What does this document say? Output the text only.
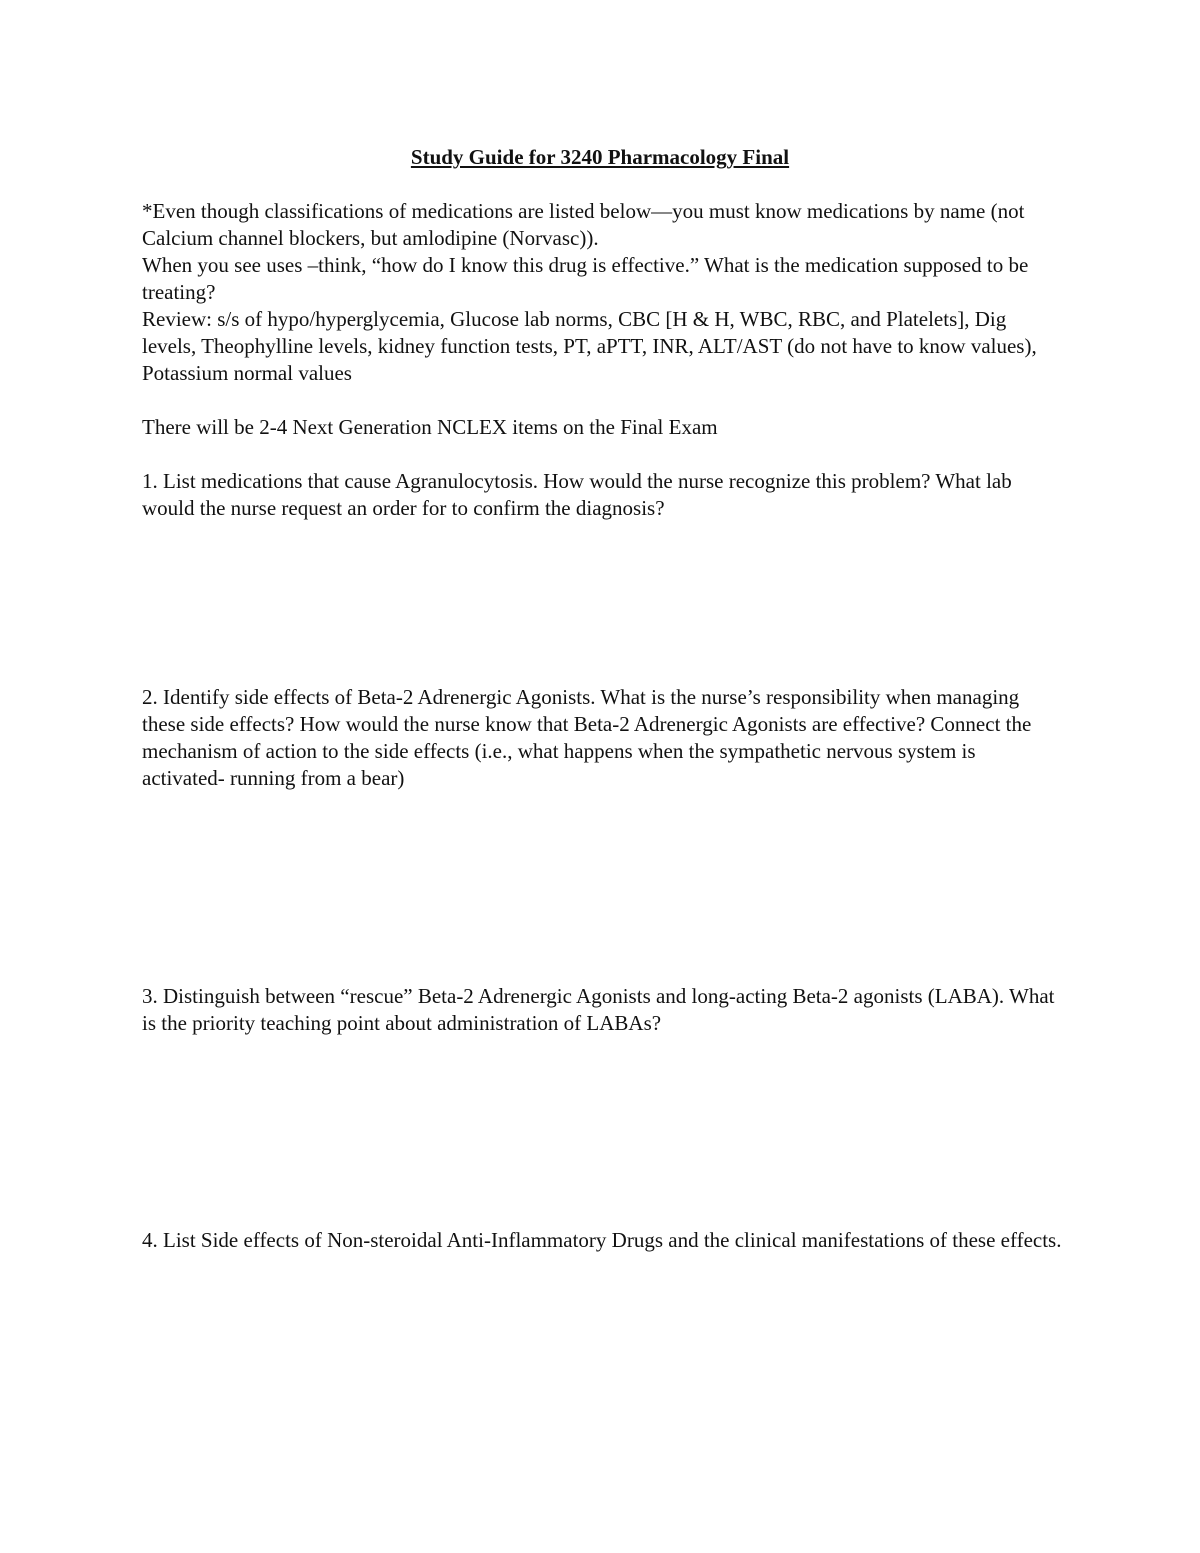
Study Guide for 3240 Pharmacology Final

*Even though classifications of medications are listed below—you must know medications by name (not Calcium channel blockers, but amlodipine (Norvasc)).

When you see uses –think, “how do I know this drug is effective.” What is the medication supposed to be treating?

Review: s/s of hypo/hyperglycemia, Glucose lab norms, CBC [H & H, WBC, RBC, and Platelets], Dig levels, Theophylline levels, kidney function tests, PT, aPTT, INR, ALT/AST (do not have to know values), Potassium normal values

There will be 2-4 Next Generation NCLEX items on the Final Exam

1. List medications that cause Agranulocytosis. How would the nurse recognize this problem? What lab would the nurse request an order for to confirm the diagnosis?

2. Identify side effects of Beta-2 Adrenergic Agonists. What is the nurse’s responsibility when managing these side effects? How would the nurse know that Beta-2 Adrenergic Agonists are effective? Connect the mechanism of action to the side effects (i.e., what happens when the sympathetic nervous system is activated- running from a bear)

3. Distinguish between “rescue” Beta-2 Adrenergic Agonists and long-acting Beta-2 agonists (LABA). What is the priority teaching point about administration of LABAs?

4. List Side effects of Non-steroidal Anti-Inflammatory Drugs and the clinical manifestations of these effects.
